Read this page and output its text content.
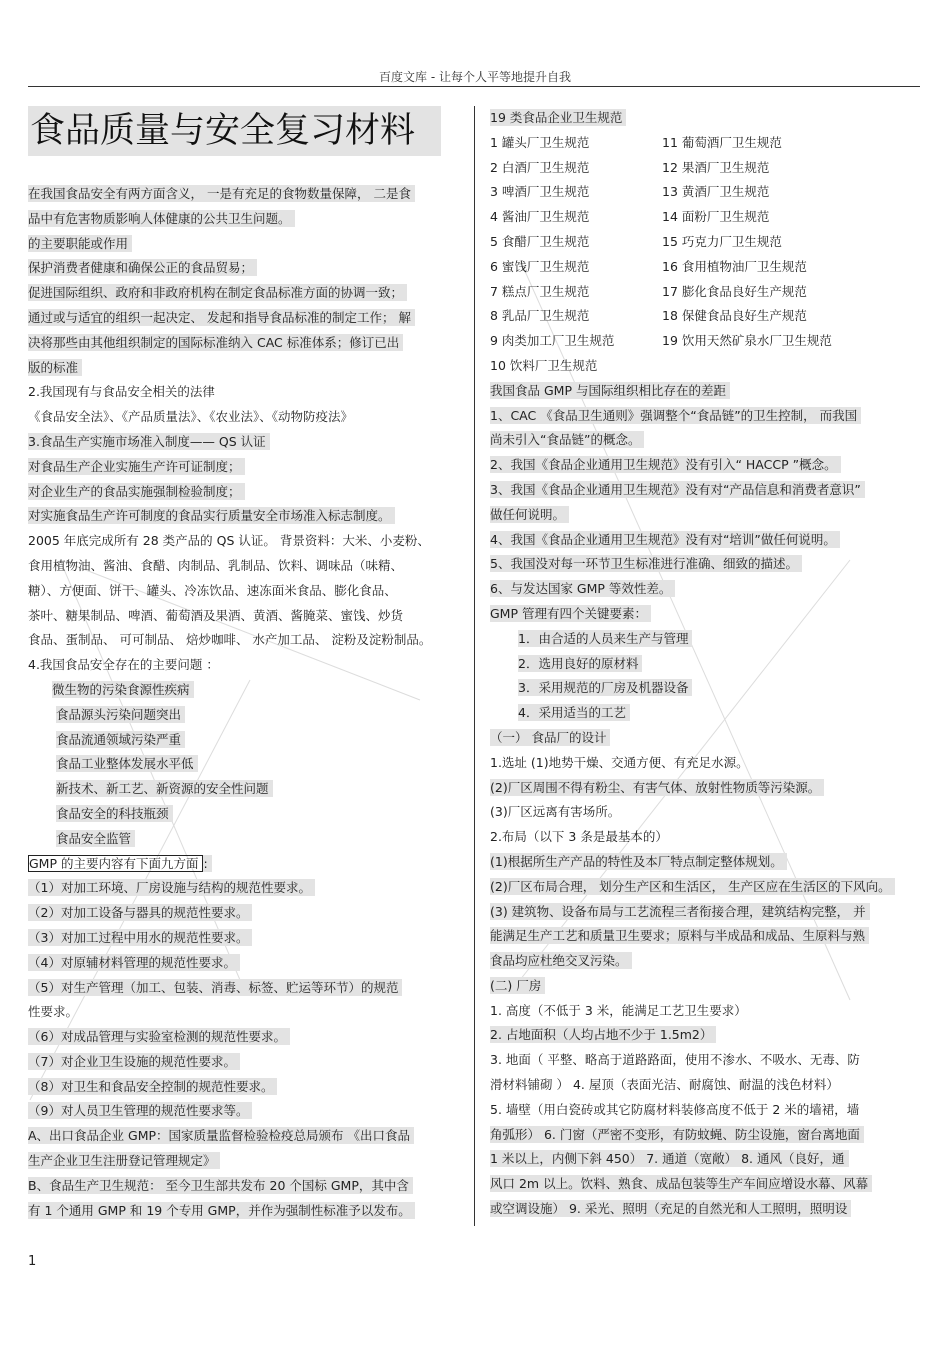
百度文库 - 让每个人平等地提升自我
食品质量与安全复习材料
在我国食品安全有两方面含义， 一是有充足的食物数量保障， 二是食
品中有危害物质影响人体健康的公共卫生问题。
的主要职能或作用
保护消费者健康和确保公正的食品贸易；
促进国际组织、政府和非政府机构在制定食品标准方面的协调一致；
通过或与适宜的组织一起决定、 发起和指导食品标准的制定工作； 解
决将那些由其他组织制定的国际标准纳入 CAC 标准体系；修订已出
版的标准
2.我国现有与食品安全相关的法律
《食品安全法》、《产品质量法》、《农业法》、《动物防疫法》
3.食品生产实施市场准入制度—— QS 认证
对食品生产企业实施生产许可证制度；
对企业生产的食品实施强制检验制度；
对实施食品生产许可制度的食品实行质量安全市场准入标志制度。
2005 年底完成所有 28 类产品的 QS 认证。 背景资料：大米、小麦粉、
食用植物油、酱油、食醋、肉制品、乳制品、饮料、调味品（味精、
糖）、方便面、饼干、罐头、冷冻饮品、速冻面米食品、膨化食品、
茶叶、糖果制品、啤酒、葡萄酒及果酒、黄酒、酱腌菜、蜜饯、炒货
食品、蛋制品、 可可制品、 焙炒咖啡、 水产加工品、 淀粉及淀粉制品。
4.我国食品安全存在的主要问题 ：
微生物的污染食源性疾病
食品源头污染问题突出
食品流通领域污染严重
食品工业整体发展水平低
新技术、新工艺、新资源的安全性问题
食品安全的科技瓶颈
食品安全监管
GMP 的主要内容有下面九方面 :
（1）对加工环境、厂房设施与结构的规范性要求。
（2）对加工设备与器具的规范性要求。
（3）对加工过程中用水的规范性要求。
（4）对原辅材料管理的规范性要求。
（5）对生产管理（加工、包装、消毒、标签、贮运等环节）的规范
性要求。
（6）对成品管理与实验室检测的规范性要求。
（7）对企业卫生设施的规范性要求。
（8）对卫生和食品安全控制的规范性要求。
（9）对人员卫生管理的规范性要求等。
A、出口食品企业 GMP：国家质量监督检验检疫总局颁布 《出口食品
生产企业卫生注册登记管理规定》
B、食品生产卫生规范： 至今卫生部共发布 20 个国标 GMP，其中含
有 1 个通用 GMP 和 19 个专用 GMP，并作为强制性标准予以发布。
19 类食品企业卫生规范
1 罐头厂卫生规范	11 葡萄酒厂卫生规范
2 白酒厂卫生规范	12 果酒厂卫生规范
3 啤酒厂卫生规范	13 黄酒厂卫生规范
4 酱油厂卫生规范	14 面粉厂卫生规范
5 食醋厂卫生规范	15 巧克力厂卫生规范
6 蜜饯厂卫生规范	16 食用植物油厂卫生规范
7 糕点厂卫生规范	17 膨化食品良好生产规范
8 乳品厂卫生规范	18 保健食品良好生产规范
9 肉类加工厂卫生规范	19 饮用天然矿泉水厂卫生规范
10 饮料厂卫生规范
我国食品 GMP 与国际组织相比存在的差距
1、CAC 《食品卫生通则》强调整个“食品链”的卫生控制， 而我国
尚未引入“食品链”的概念。
2、我国《食品企业通用卫生规范》没有引入“ HACCP ”概念。
3、我国《食品企业通用卫生规范》没有对“产品信息和消费者意识”
做任何说明。
4、我国《食品企业通用卫生规范》没有对“培训”做任何说明。
5、我国没对每一环节卫生标准进行准确、细致的描述。
6、与发达国家 GMP 等效性差。
GMP 管理有四个关键要素：
1．由合适的人员来生产与管理
2．选用良好的原材料
3．采用规范的厂房及机器设备
4．采用适当的工艺
（一） 食品厂的设计
1.选址 (1)地势干燥、交通方便、有充足水源。
(2)厂区周围不得有粉尘、有害气体、放射性物质等污染源。
(3)厂区远离有害场所。
2.布局（以下 3 条是最基本的）
(1)根据所生产产品的特性及本厂特点制定整体规划。
(2)厂区布局合理， 划分生产区和生活区， 生产区应在生活区的下风向。
(3) 建筑物、设备布局与工艺流程三者衔接合理，建筑结构完整， 并
能满足生产工艺和质量卫生要求；原料与半成品和成品、生原料与熟
食品均应杜绝交叉污染。
(二) 厂房
1. 高度（不低于 3 米，能满足工艺卫生要求）
2. 占地面积（人均占地不少于 1.5m2）
3. 地面（ 平整、略高于道路路面，使用不渗水、不吸水、无毒、防
滑材料铺砌 ） 4. 屋顶（表面光洁、耐腐蚀、耐温的浅色材料）
5. 墙壁（用白瓷砖或其它防腐材料装修高度不低于 2 米的墙裙，墙
角弧形） 6. 门窗（严密不变形，有防蚊蝇、防尘设施，窗台离地面
1 米以上，内侧下斜 450） 7. 通道（宽敞） 8. 通风（良好，通
风口 2m 以上。饮料、熟食、成品包装等生产车间应增设水幕、风幕
或空调设施） 9. 采光、照明（充足的自然光和人工照明，照明设
1
